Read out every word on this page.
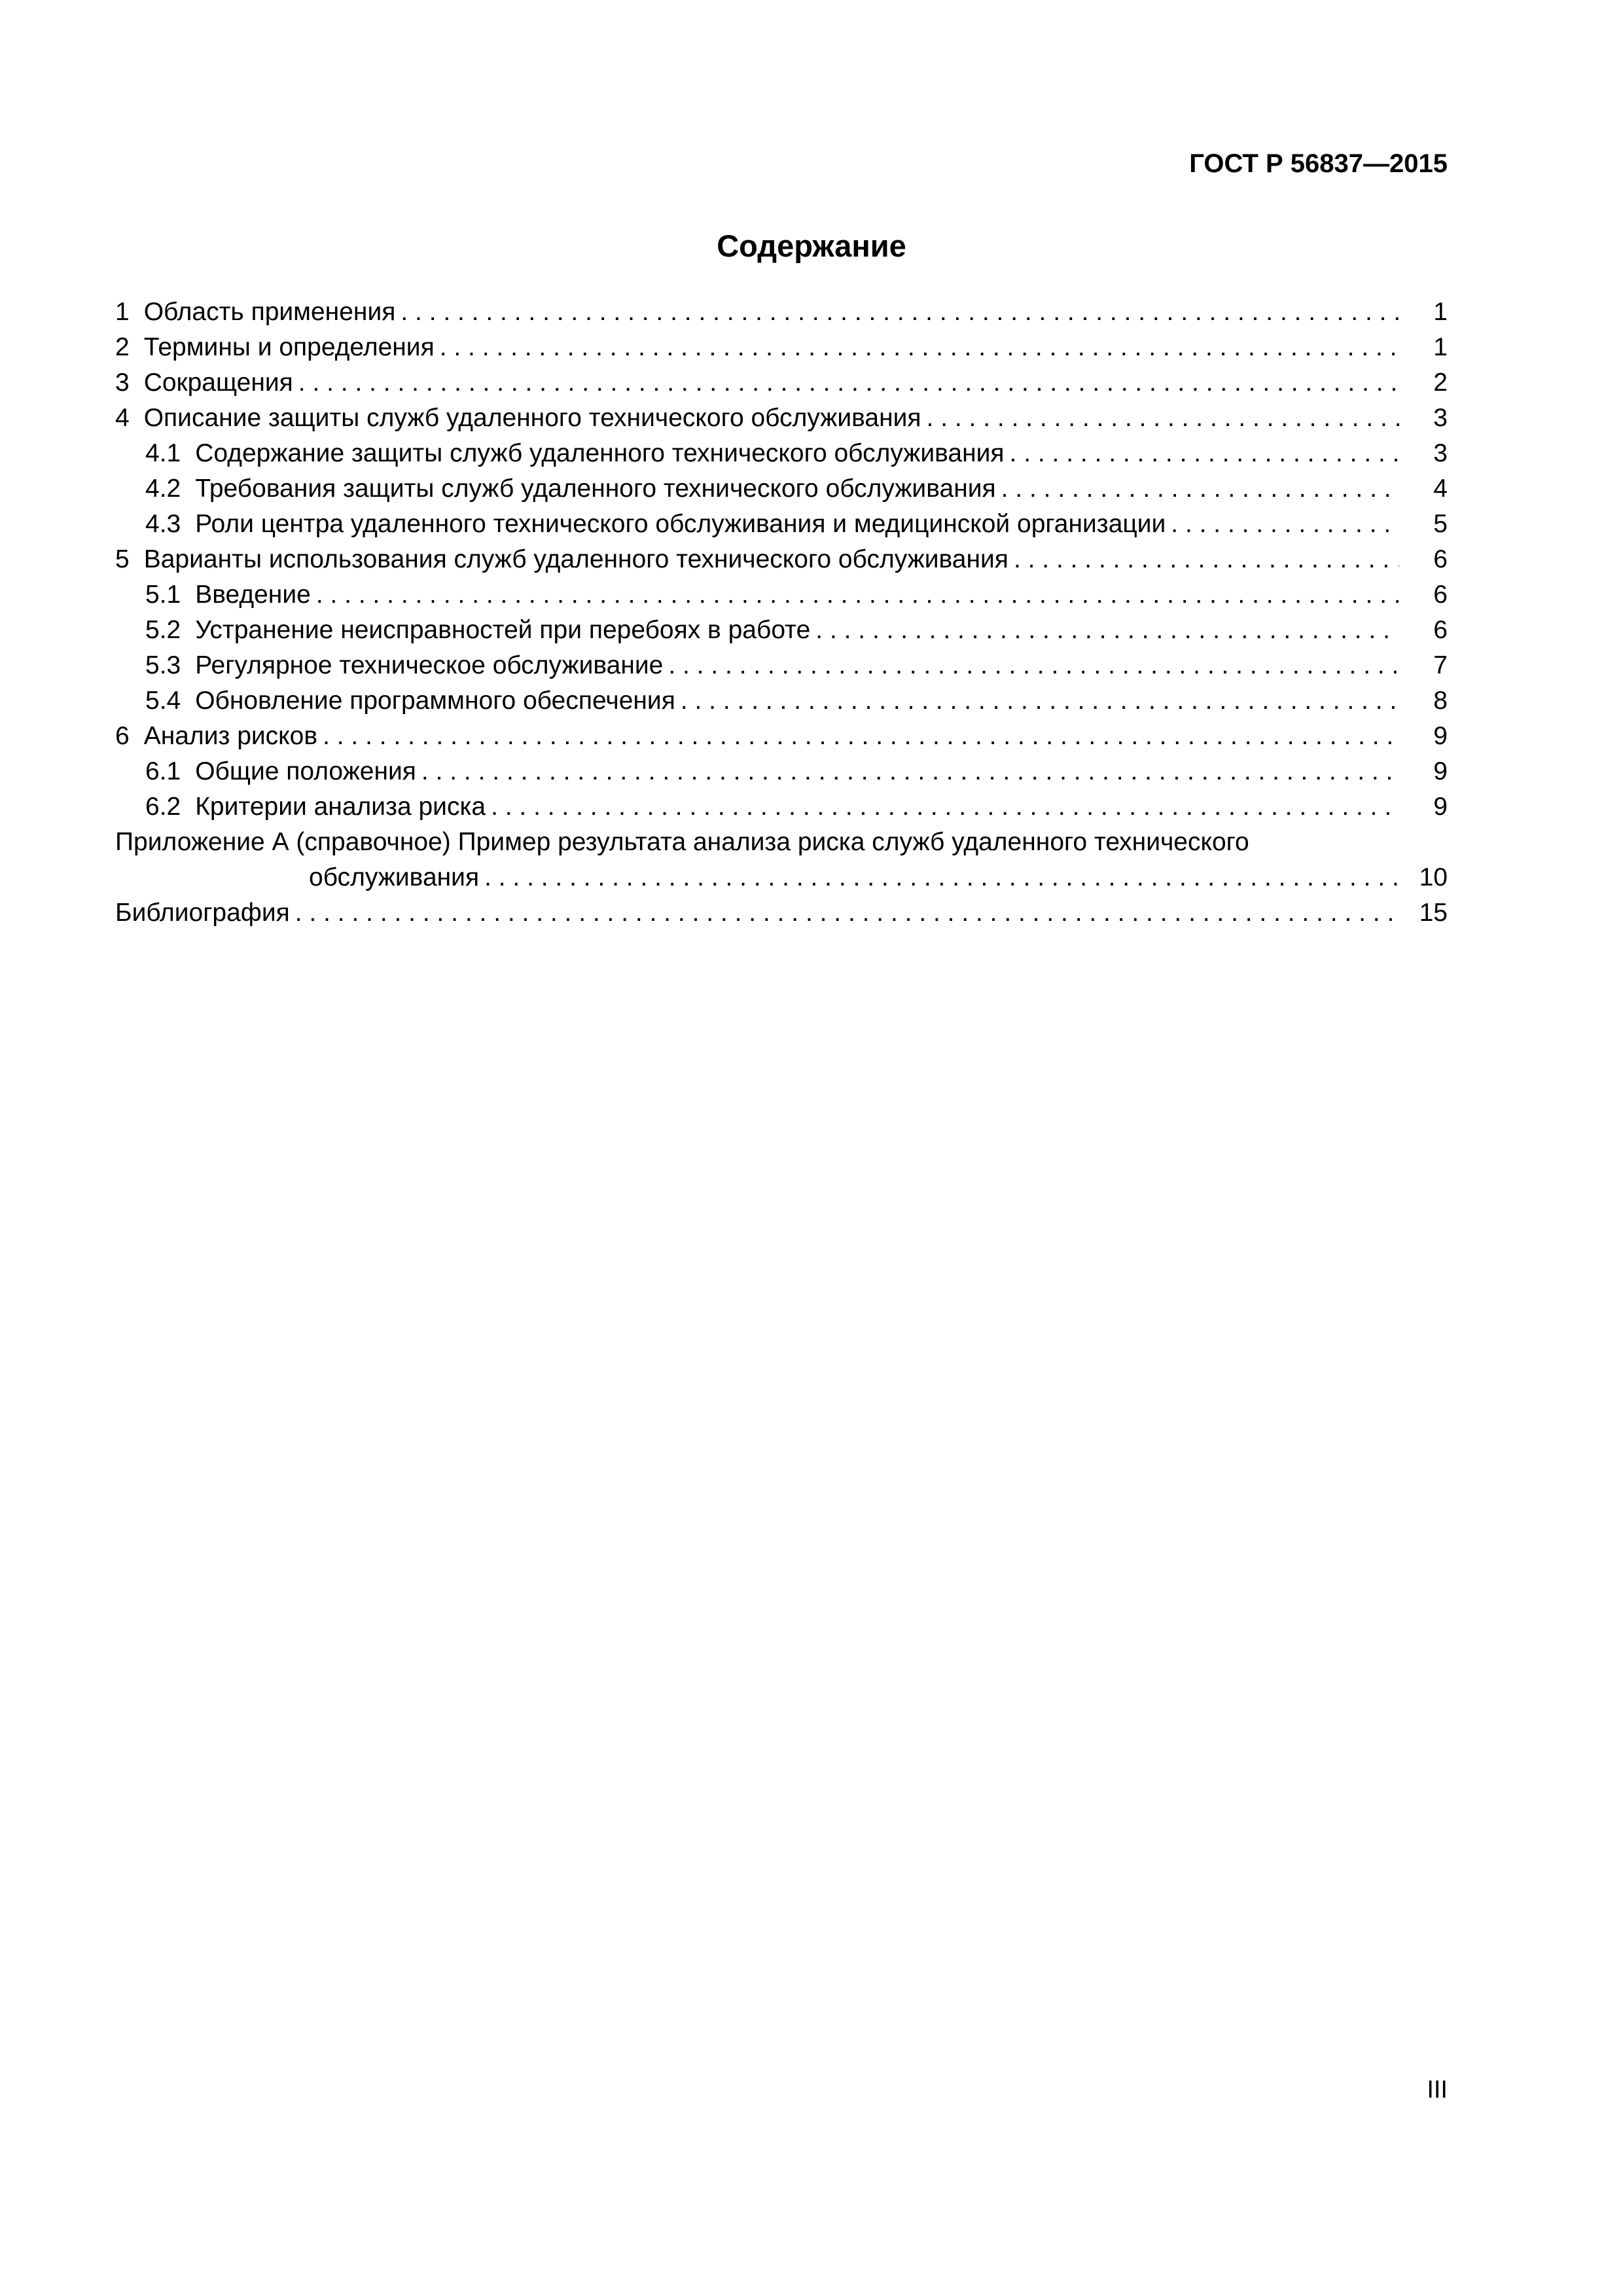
ГОСТ Р 56837—2015
Содержание
1 Область применения . . .	1
2 Термины и определения . . .	1
3 Сокращения . . .	2
4 Описание защиты служб удаленного технического обслуживания . . .	3
4.1 Содержание защиты служб удаленного технического обслуживания . . .	3
4.2 Требования защиты служб удаленного технического обслуживания . . .	4
4.3 Роли центра удаленного технического обслуживания и медицинской организации . . .	5
5 Варианты использования служб удаленного технического обслуживания . . .	6
5.1 Введение . . .	6
5.2 Устранение неисправностей при перебоях в работе . . .	6
5.3 Регулярное техническое обслуживание . . .	7
5.4 Обновление программного обеспечения . . .	8
6 Анализ рисков . . .	9
6.1 Общие положения . . .	9
6.2 Критерии анализа риска . . .	9
Приложение А (справочное) Пример результата анализа риска служб удаленного технического
обслуживания . . .	10
Библиография . . .	15
III
